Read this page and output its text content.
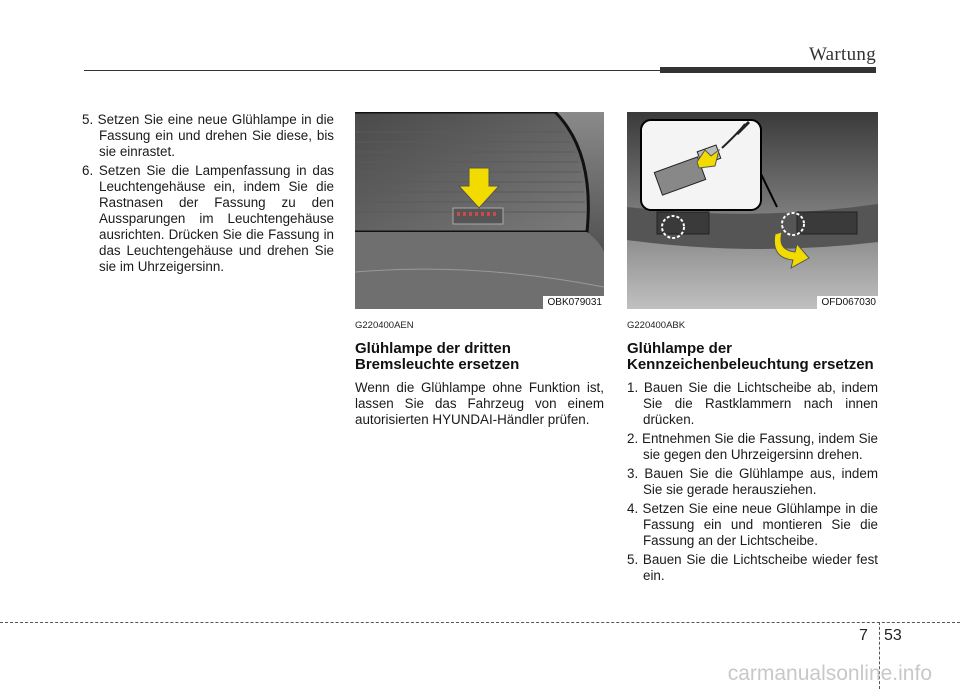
Wartung
5. Setzen Sie eine neue Glühlampe in die Fassung ein und drehen Sie diese, bis sie einrastet.
6. Setzen Sie die Lampenfassung in das Leuchtengehäuse ein, indem Sie die Rastnasen der Fassung zu den Aussparungen im Leuchtengehäuse ausrichten. Drücken Sie die Fassung in das Leuchtengehäuse und drehen Sie sie im Uhrzeigersinn.
OBK079031
G220400AEN
Glühlampe der dritten Bremsleuchte ersetzen

Wenn die Glühlampe ohne Funktion ist, lassen Sie das Fahrzeug von einem autorisierten HYUNDAI-Händler prüfen.

OFD067030
G220400ABK
Glühlampe der Kennzeichenbeleuchtung ersetzen
1. Bauen Sie die Lichtscheibe ab, indem Sie die Rastklammern nach innen drücken.
2. Entnehmen Sie die Fassung, indem Sie sie gegen den Uhrzeigersinn drehen.
3. Bauen Sie die Glühlampe aus, indem Sie sie gerade herausziehen.
4. Setzen Sie eine neue Glühlampe in die Fassung ein und montieren Sie die Fassung an der Lichtscheibe.
5. Bauen Sie die Lichtscheibe wieder fest ein.
7 53
carmanualsonline.info
